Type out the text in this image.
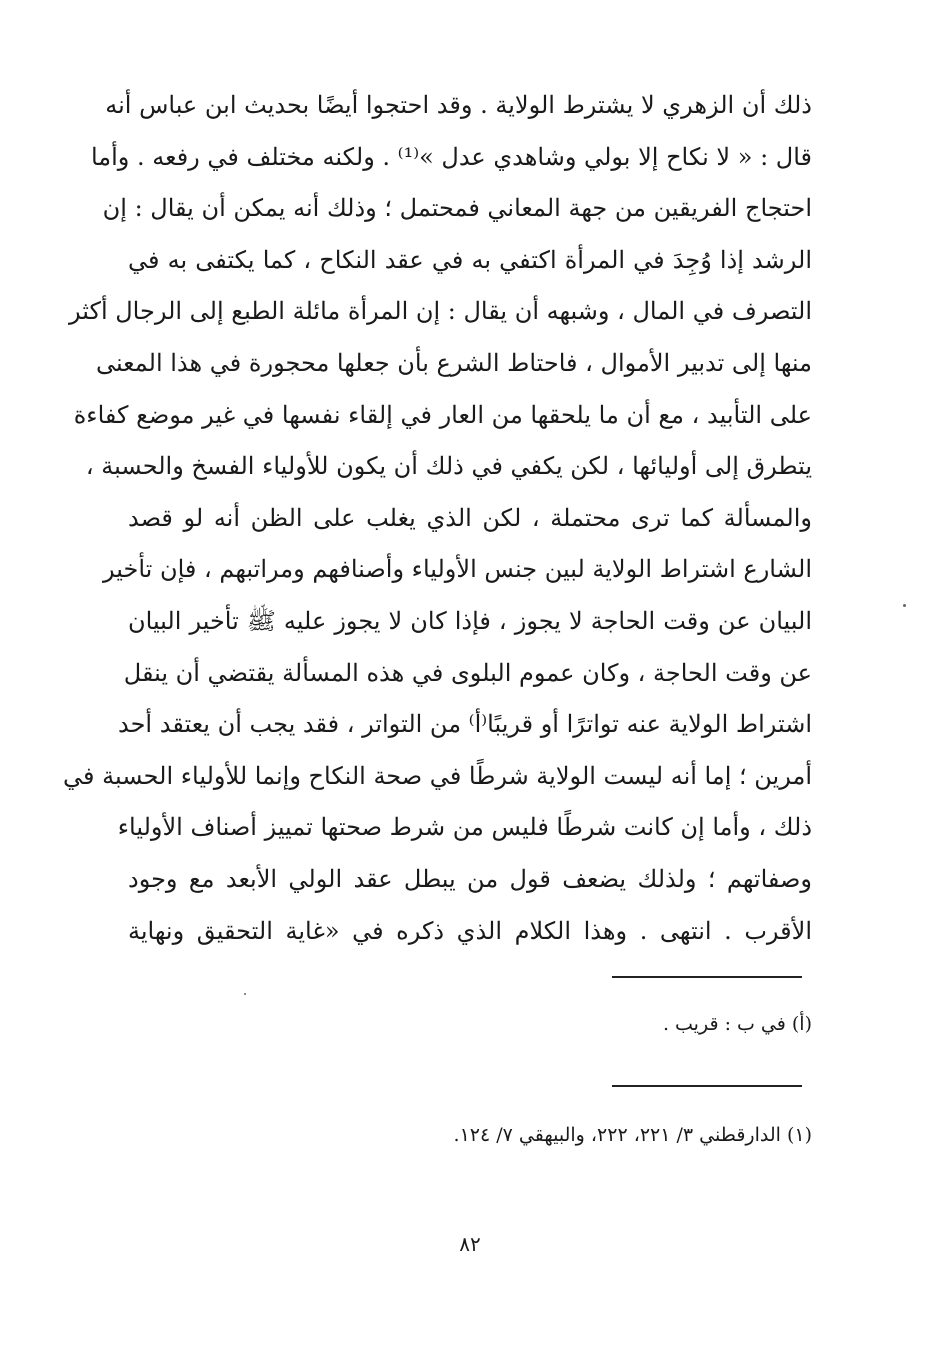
ذلك أن الزهري لا يشترط الولاية . وقد احتجوا أيضًا بحديث ابن عباس أنه
قال : « لا نكاح إلا بولي وشاهدي عدل »⁽¹⁾ . ولكنه مختلف في رفعه . وأما
احتجاج الفريقين من جهة المعاني فمحتمل ؛ وذلك أنه يمكن أن يقال : إن
الرشد إذا وُجِدَ في المرأة اكتفي به في عقد النكاح ، كما يكتفى به في
التصرف في المال ، وشبهه أن يقال : إن المرأة مائلة الطبع إلى الرجال أكثر
منها إلى تدبير الأموال ، فاحتاط الشرع بأن جعلها محجورة في هذا المعنى
على التأبيد ، مع أن ما يلحقها من العار في إلقاء نفسها في غير موضع كفاءة
يتطرق إلى أوليائها ، لكن يكفي في ذلك أن يكون للأولياء الفسخ والحسبة ،
والمسألة كما ترى محتملة ، لكن الذي يغلب على الظن أنه لو قصد
الشارع اشتراط الولاية لبين جنس الأولياء وأصنافهم ومراتبهم ، فإن تأخير
البيان عن وقت الحاجة لا يجوز ، فإذا كان لا يجوز عليه ﷺ تأخير البيان
عن وقت الحاجة ، وكان عموم البلوى في هذه المسألة يقتضي أن ينقل
اشتراط الولاية عنه تواترًا أو قريبًا⁽أ⁾ من التواتر ، فقد يجب أن يعتقد أحد
أمرين ؛ إما أنه ليست الولاية شرطًا في صحة النكاح وإنما للأولياء الحسبة في
ذلك ، وأما إن كانت شرطًا فليس من شرط صحتها تمييز أصناف الأولياء
وصفاتهم ؛ ولذلك يضعف قول من يبطل عقد الولي الأبعد مع وجود
الأقرب . انتهى . وهذا الكلام الذي ذكره في «غاية التحقيق ونهاية

(أ) في ب : قريب .

(١) الدارقطني ٣/ ٢٢١، ٢٢٢، والبيهقي ٧/ ١٢٤.

٨٢
